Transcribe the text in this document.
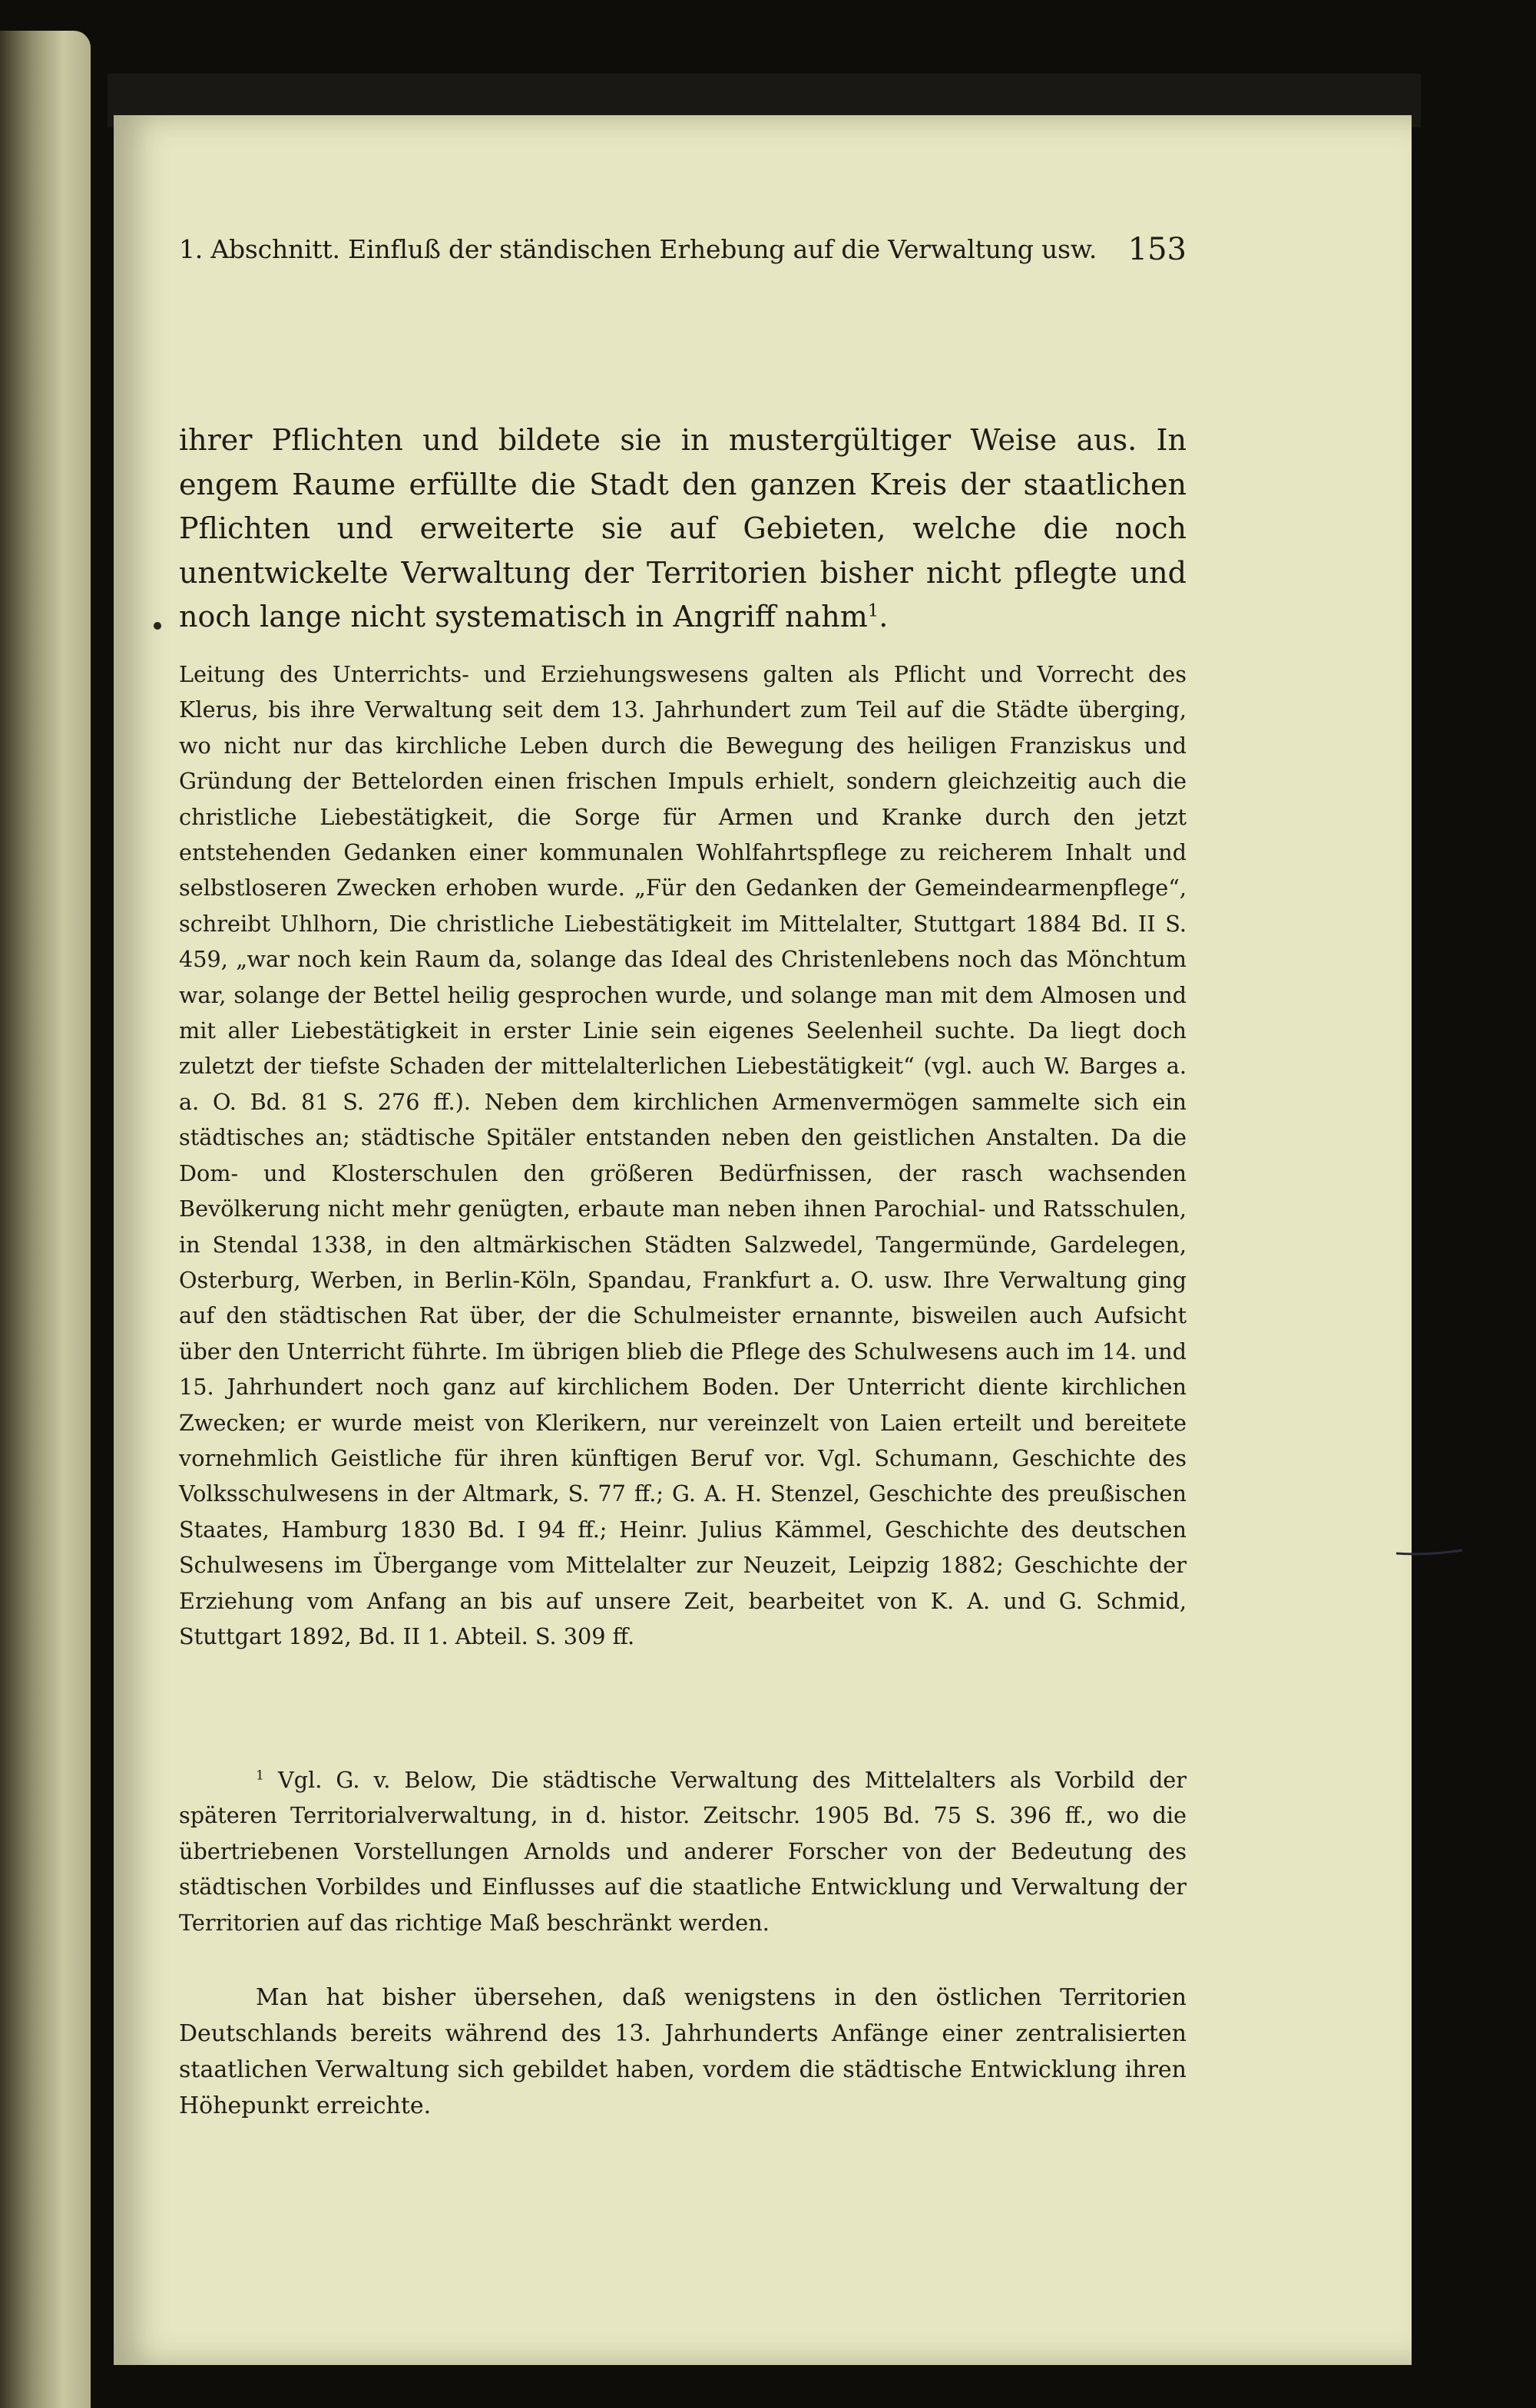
1. Abschnitt. Einfluß der ständischen Erhebung auf die Verwaltung usw. 153

ihrer Pflichten und bildete sie in mustergültiger Weise aus. In engem Raume erfüllte die Stadt den ganzen Kreis der staatlichen Pflichten und erweiterte sie auf Gebieten, welche die noch unentwickelte Verwaltung der Territorien bisher nicht pflegte und noch lange nicht systematisch in Angriff nahm$^1$.

Leitung des Unterrichts- und Erziehungswesens galten als Pflicht und Vorrecht des Klerus, bis ihre Verwaltung seit dem 13. Jahrhundert zum Teil auf die Städte überging, wo nicht nur das kirchliche Leben durch die Bewegung des heiligen Franziskus und Gründung der Bettelorden einen frischen Impuls erhielt, sondern gleichzeitig auch die christliche Liebestätigkeit, die Sorge für Armen und Kranke durch den jetzt entstehenden Gedanken einer kommunalen Wohlfahrtspflege zu reicherem Inhalt und selbstloseren Zwecken erhoben wurde. „Für den Gedanken der Gemeindearmenpflege“, schreibt Uhlhorn, Die christliche Liebestätigkeit im Mittelalter, Stuttgart 1884 Bd. II S. 459, „war noch kein Raum da, solange das Ideal des Christenlebens noch das Mönchtum war, solange der Bettel heilig gesprochen wurde, und solange man mit dem Almosen und mit aller Liebestätigkeit in erster Linie sein eigenes Seelenheil suchte. Da liegt doch zuletzt der tiefste Schaden der mittelalterlichen Liebestätigkeit“ (vgl. auch W. Barges a. a. O. Bd. 81 S. 276 ff.). Neben dem kirchlichen Armenvermögen sammelte sich ein städtisches an; städtische Spitäler entstanden neben den geistlichen Anstalten. Da die Dom- und Klosterschulen den größeren Bedürfnissen, der rasch wachsenden Bevölkerung nicht mehr genügten, erbaute man neben ihnen Parochial- und Ratsschulen, in Stendal 1338, in den altmärkischen Städten Salzwedel, Tangermünde, Gardelegen, Osterburg, Werben, in Berlin-Köln, Spandau, Frankfurt a. O. usw. Ihre Verwaltung ging auf den städtischen Rat über, der die Schulmeister ernannte, bisweilen auch Aufsicht über den Unterricht führte. Im übrigen blieb die Pflege des Schulwesens auch im 14. und 15. Jahrhundert noch ganz auf kirchlichem Boden. Der Unterricht diente kirchlichen Zwecken; er wurde meist von Klerikern, nur vereinzelt von Laien erteilt und bereitete vornehmlich Geistliche für ihren künftigen Beruf vor. Vgl. Schumann, Geschichte des Volksschulwesens in der Altmark, S. 77 ff.; G. A. H. Stenzel, Geschichte des preußischen Staates, Hamburg 1830 Bd. I 94 ff.; Heinr. Julius Kämmel, Geschichte des deutschen Schulwesens im Übergange vom Mittelalter zur Neuzeit, Leipzig 1882; Geschichte der Erziehung vom Anfang an bis auf unsere Zeit, bearbeitet von K. A. und G. Schmid, Stuttgart 1892, Bd. II 1. Abteil. S. 309 ff.

$^1$ Vgl. G. v. Below, Die städtische Verwaltung des Mittelalters als Vorbild der späteren Territorialverwaltung, in d. histor. Zeitschr. 1905 Bd. 75 S. 396 ff., wo die übertriebenen Vorstellungen Arnolds und anderer Forscher von der Bedeutung des städtischen Vorbildes und Einflusses auf die staatliche Entwicklung und Verwaltung der Territorien auf das richtige Maß beschränkt werden.

Man hat bisher übersehen, daß wenigstens in den östlichen Territorien Deutschlands bereits während des 13. Jahrhunderts Anfänge einer zentralisierten staatlichen Verwaltung sich gebildet haben, vordem die städtische Entwicklung ihren Höhepunkt erreichte.
